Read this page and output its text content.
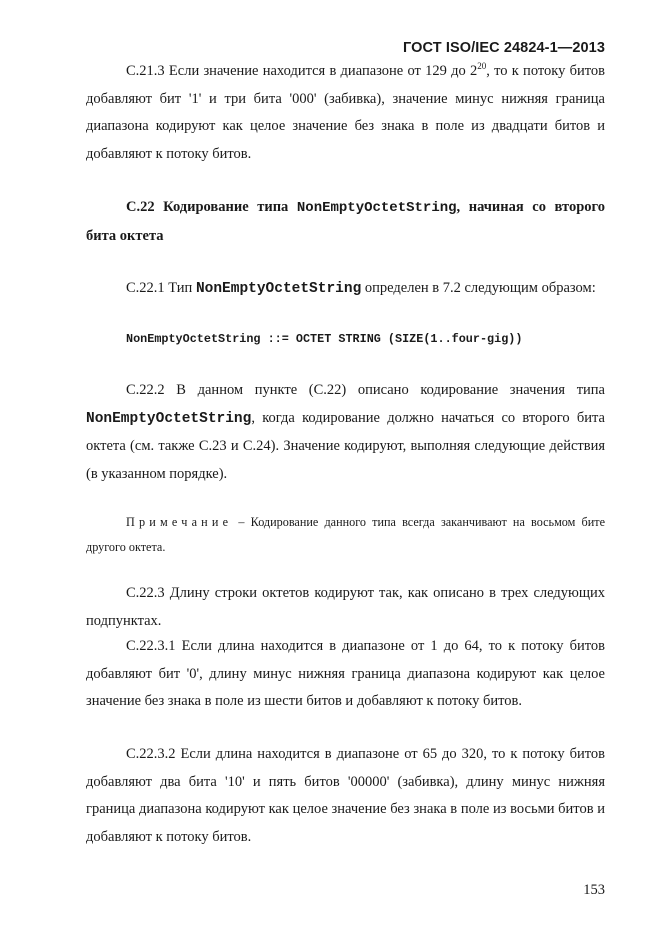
ГОСТ ISO/IEC 24824-1—2013
C.21.3 Если значение находится в диапазоне от 129 до $2^{20}$, то к потоку битов добавляют бит '1' и три бита '000' (забивка), значение минус нижняя граница диапазона кодируют как целое значение без знака в поле из двадцати битов и добавляют к потоку битов.
C.22 Кодирование типа NonEmptyOctetString, начиная со второго бита октета
C.22.1 Тип NonEmptyOctetString определен в 7.2 следующим образом:
NonEmptyOctetString ::= OCTET STRING (SIZE(1..four-gig))
C.22.2 В данном пункте (C.22) описано кодирование значения типа NonEmptyOctetString, когда кодирование должно начаться со второго бита октета (см. также C.23 и C.24). Значение кодируют, выполняя следующие действия (в указанном порядке).
Примечание – Кодирование данного типа всегда заканчивают на восьмом бите другого октета.
C.22.3 Длину строки октетов кодируют так, как описано в трех следующих подпунктах.
C.22.3.1 Если длина находится в диапазоне от 1 до 64, то к потоку битов добавляют бит '0', длину минус нижняя граница диапазона кодируют как целое значение без знака в поле из шести битов и добавляют к потоку битов.
C.22.3.2 Если длина находится в диапазоне от 65 до 320, то к потоку битов добавляют два бита '10' и пять битов '00000' (забивка), длину минус нижняя граница диапазона кодируют как целое значение без знака в поле из восьми битов и добавляют к потоку битов.
153
